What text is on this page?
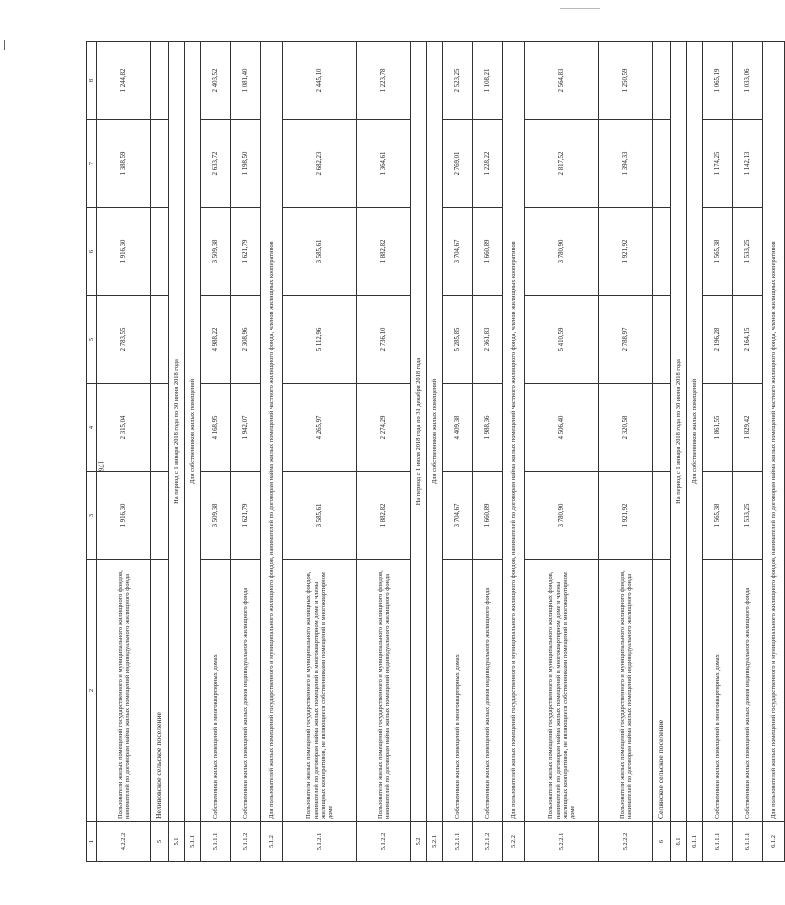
176
1	2	3	4	5	6	7	8
4.2.2.2	Пользователи жилых помещений государственного и муниципального жилищного фондов, нанимателей по договорам найма жилых помещений индивидуального жилищного фонда	1 916,30	2 315,04	2 783,55	1 916,30	1 388,59	1 244,82
5	Неливовское сельское поселение						
5.1	На период с 1 января 2018 года по 30 июня 2018 года						
5.1.1	Для собственников жилых помещений						
5.1.1.1	Собственники жилых помещений в многоквартирных домах	3 509,38	4 168,95	4 988,22	3 509,38	2 633,72	2 403,52
5.1.1.2	Собственники жилых помещений жилых домов индивидуального жилищного фонда	1 621,79	1 942,07	2 308,96	1 621,79	1 198,50	1 081,40
5.1.2	Для пользователей жилых помещений государственного и муниципального жилищного фондов, нанимателей по договорам найма жилых помещений частного жилищного фонда, членов жилищных кооперативов						
5.1.2.1	Пользователи жилых помещений государственного и муниципального жилищных фондов, нанимателей по договорам найма жилых помещений в многоквартирном доме и члены жилищных кооперативов, не являющиеся собственниками помещений в многоквартирном доме	3 585,61	4 265,97	5 112,96	3 585,61	2 682,23	2 445,10
5.1.2.2	Пользователи жилых помещений государственного и муниципального жилищного фондов, нанимателей по договорам найма жилых помещений индивидуального жилищного фонда	1 882,82	2 274,29	2 736,10	1 882,82	1 364,61	1 223,78
5.2	На период с 1 июля 2018 года по 31 декабря 2018 года						
5.2.1	Для собственников жилых помещений						
5.2.1.1	Собственники жилых помещений в многоквартирных домах	3 704,67	4 409,38	5 285,85	3 704,67	2 769,01	2 523,25
5.2.1.2	Собственники жилых помещений жилых домов индивидуального жилищного фонда	1 660,89	1 988,36	2 361,83	1 660,89	1 228,22	1 108,21
5.2.2	Для пользователей жилых помещений государственного и муниципального жилищного фондов, нанимателей по договорам найма жилых помещений частного жилищного фонда, членов жилищных кооперативов						
5.2.2.1	Пользователи жилых помещений государственного и муниципального жилищных фондов, нанимателей по договорам найма жилых помещений в многоквартирном доме и члены жилищных кооперативов, не являющиеся собственниками помещений в многоквартирном доме	3 780,90	4 506,40	5 410,59	3 780,90	2 817,52	2 564,83
5.2.2.2	Пользователи жилых помещений государственного и муниципального жилищного фондов, нанимателей по договорам найма жилых помещений индивидуального жилищного фонда	1 921,92	2 320,58	2 788,97	1 921,92	1 394,33	1 250,59
6	Селянское сельское поселение						
6.1	На период с 1 января 2018 года по 30 июня 2018 года						
6.1.1	Для собственников жилых помещений						
6.1.1.1	Собственники жилых помещений в многоквартирных домах	1 565,38	1 861,55	2 196,28	1 565,38	1 174,25	1 065,19
6.1.1.1	Собственники жилых помещений жилых домов индивидуального жилищного фонда	1 533,25	1 829,42	2 164,15	1 533,25	1 142,13	1 033,06
6.1.2	Для пользователей жилых помещений государственного и муниципального жилищного фондов, нанимателей по договорам найма жилых помещений частного жилищного фонда, членов жилищных кооперативов						
